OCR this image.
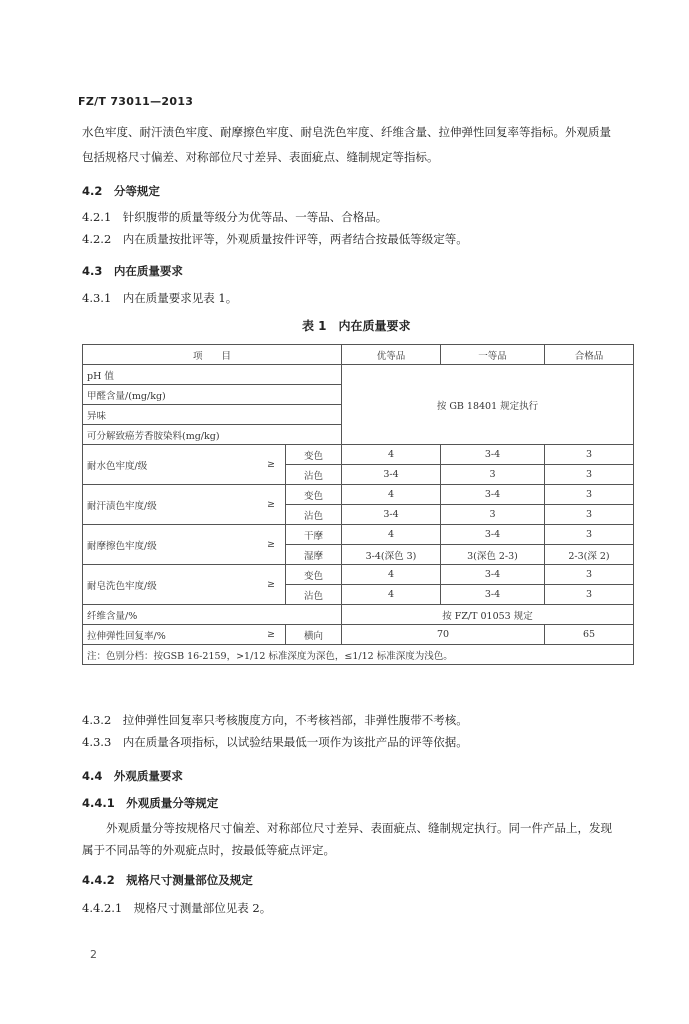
FZ/T 73011—2013
水色牢度、耐汗渍色牢度、耐摩擦色牢度、耐皂洗色牢度、纤维含量、拉伸弹性回复率等指标。外观质量
包括规格尺寸偏差、对称部位尺寸差异、表面疵点、缝制规定等指标。
4.2　 分等规定
4.2.1　 针织腹带的质量等级分为优等品、一等品、合格品。
4.2.2　 内在质量按批评等，外观质量按件评等，两者结合按最低等级定等。
4.3　 内在质量要求
4.3.1　 内在质量要求见表 1。
表 1　内在质量要求
项　　目			优等品	一等品	合格品
pH 值			按 GB 18401 规定执行		
甲醛含量/(mg/kg)					
异味					
可分解致癌芳香胺染料(mg/kg)					
耐水色牢度/级	≥	变色	4	3-4	3
		沾色	3-4	3	3
耐汗渍色牢度/级	≥	变色	4	3-4	3
		沾色	3-4	3	3
耐摩擦色牢度/级	≥	干摩	4	3-4	3
		湿摩	3-4(深色 3)	3(深色 2-3)	2-3(深 2)
耐皂洗色牢度/级	≥	变色	4	3-4	3
		沾色	4	3-4	3
纤维含量/%			按 FZ/T 01053 规定		
拉伸弹性回复率/%	≥	横向	70		65
注：色别分档：按GSB 16-2159，>1/12 标准深度为深色，≤1/12 标准深度为浅色。					
4.3.2　 拉伸弹性回复率只考核腹度方向，不考核裆部，非弹性腹带不考核。
4.3.3　 内在质量各项指标，以试验结果最低一项作为该批产品的评等依据。
4.4　 外观质量要求
4.4.1　 外观质量分等规定
外观质量分等按规格尺寸偏差、对称部位尺寸差异、表面疵点、缝制规定执行。同一件产品上，发现
属于不同品等的外观疵点时，按最低等疵点评定。
4.4.2　 规格尺寸测量部位及规定
4.4.2.1　 规格尺寸测量部位见表 2。
2
